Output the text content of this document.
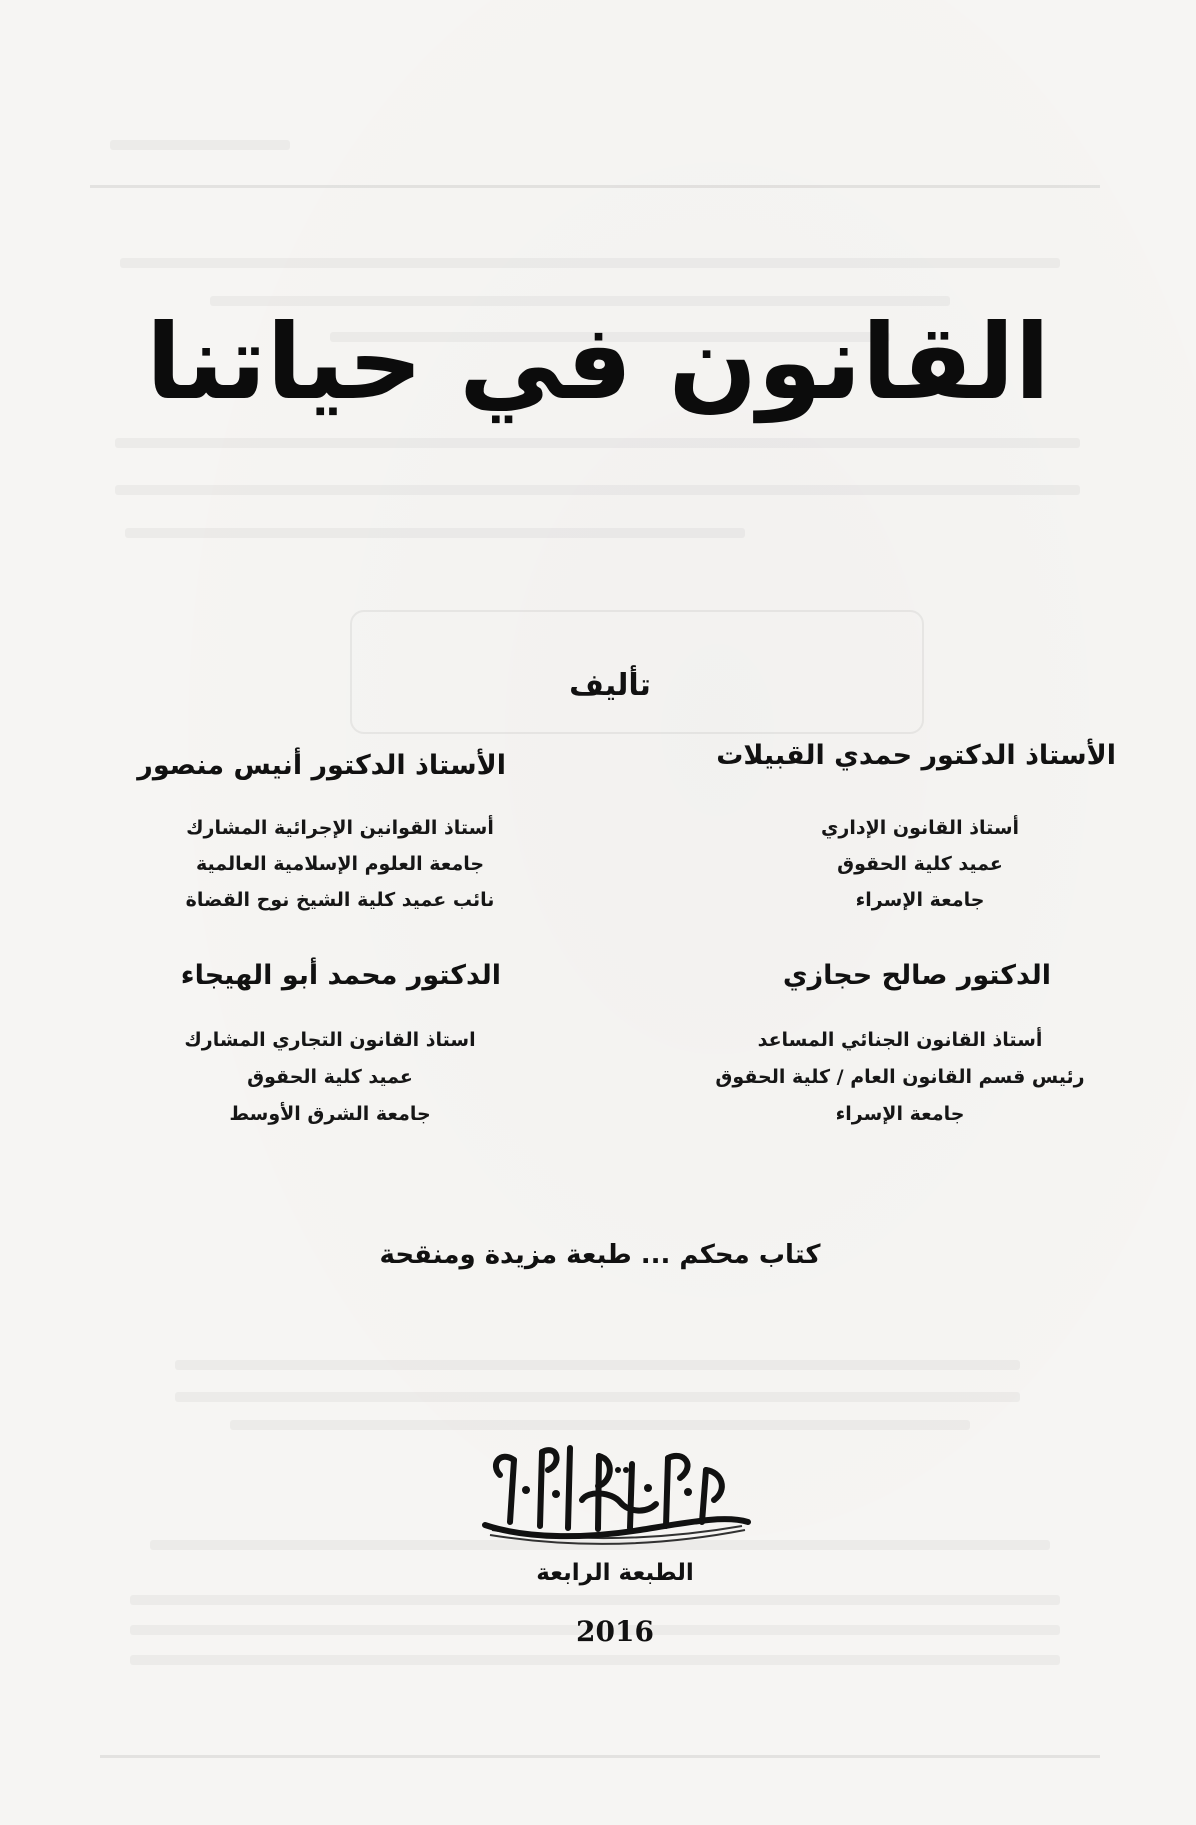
القانون في حياتنا
تأليف
الأستاذ الدكتور حمدي القبيلات
أستاذ القانون الإداري
عميد كلية الحقوق
جامعة الإسراء
الأستاذ الدكتور أنيس منصور
أستاذ القوانين الإجرائية المشارك
جامعة العلوم الإسلامية العالمية
نائب عميد كلية الشيخ نوح القضاة
الدكتور صالح حجازي
أستاذ القانون الجنائي المساعد
رئيس قسم القانون العام / كلية الحقوق
جامعة الإسراء
الدكتور محمد أبو الهيجاء
استاذ القانون التجاري المشارك
عميد كلية الحقوق
جامعة الشرق الأوسط
كتاب محكم ... طبعة مزيدة ومنقحة
الطبعة الرابعة
2016
